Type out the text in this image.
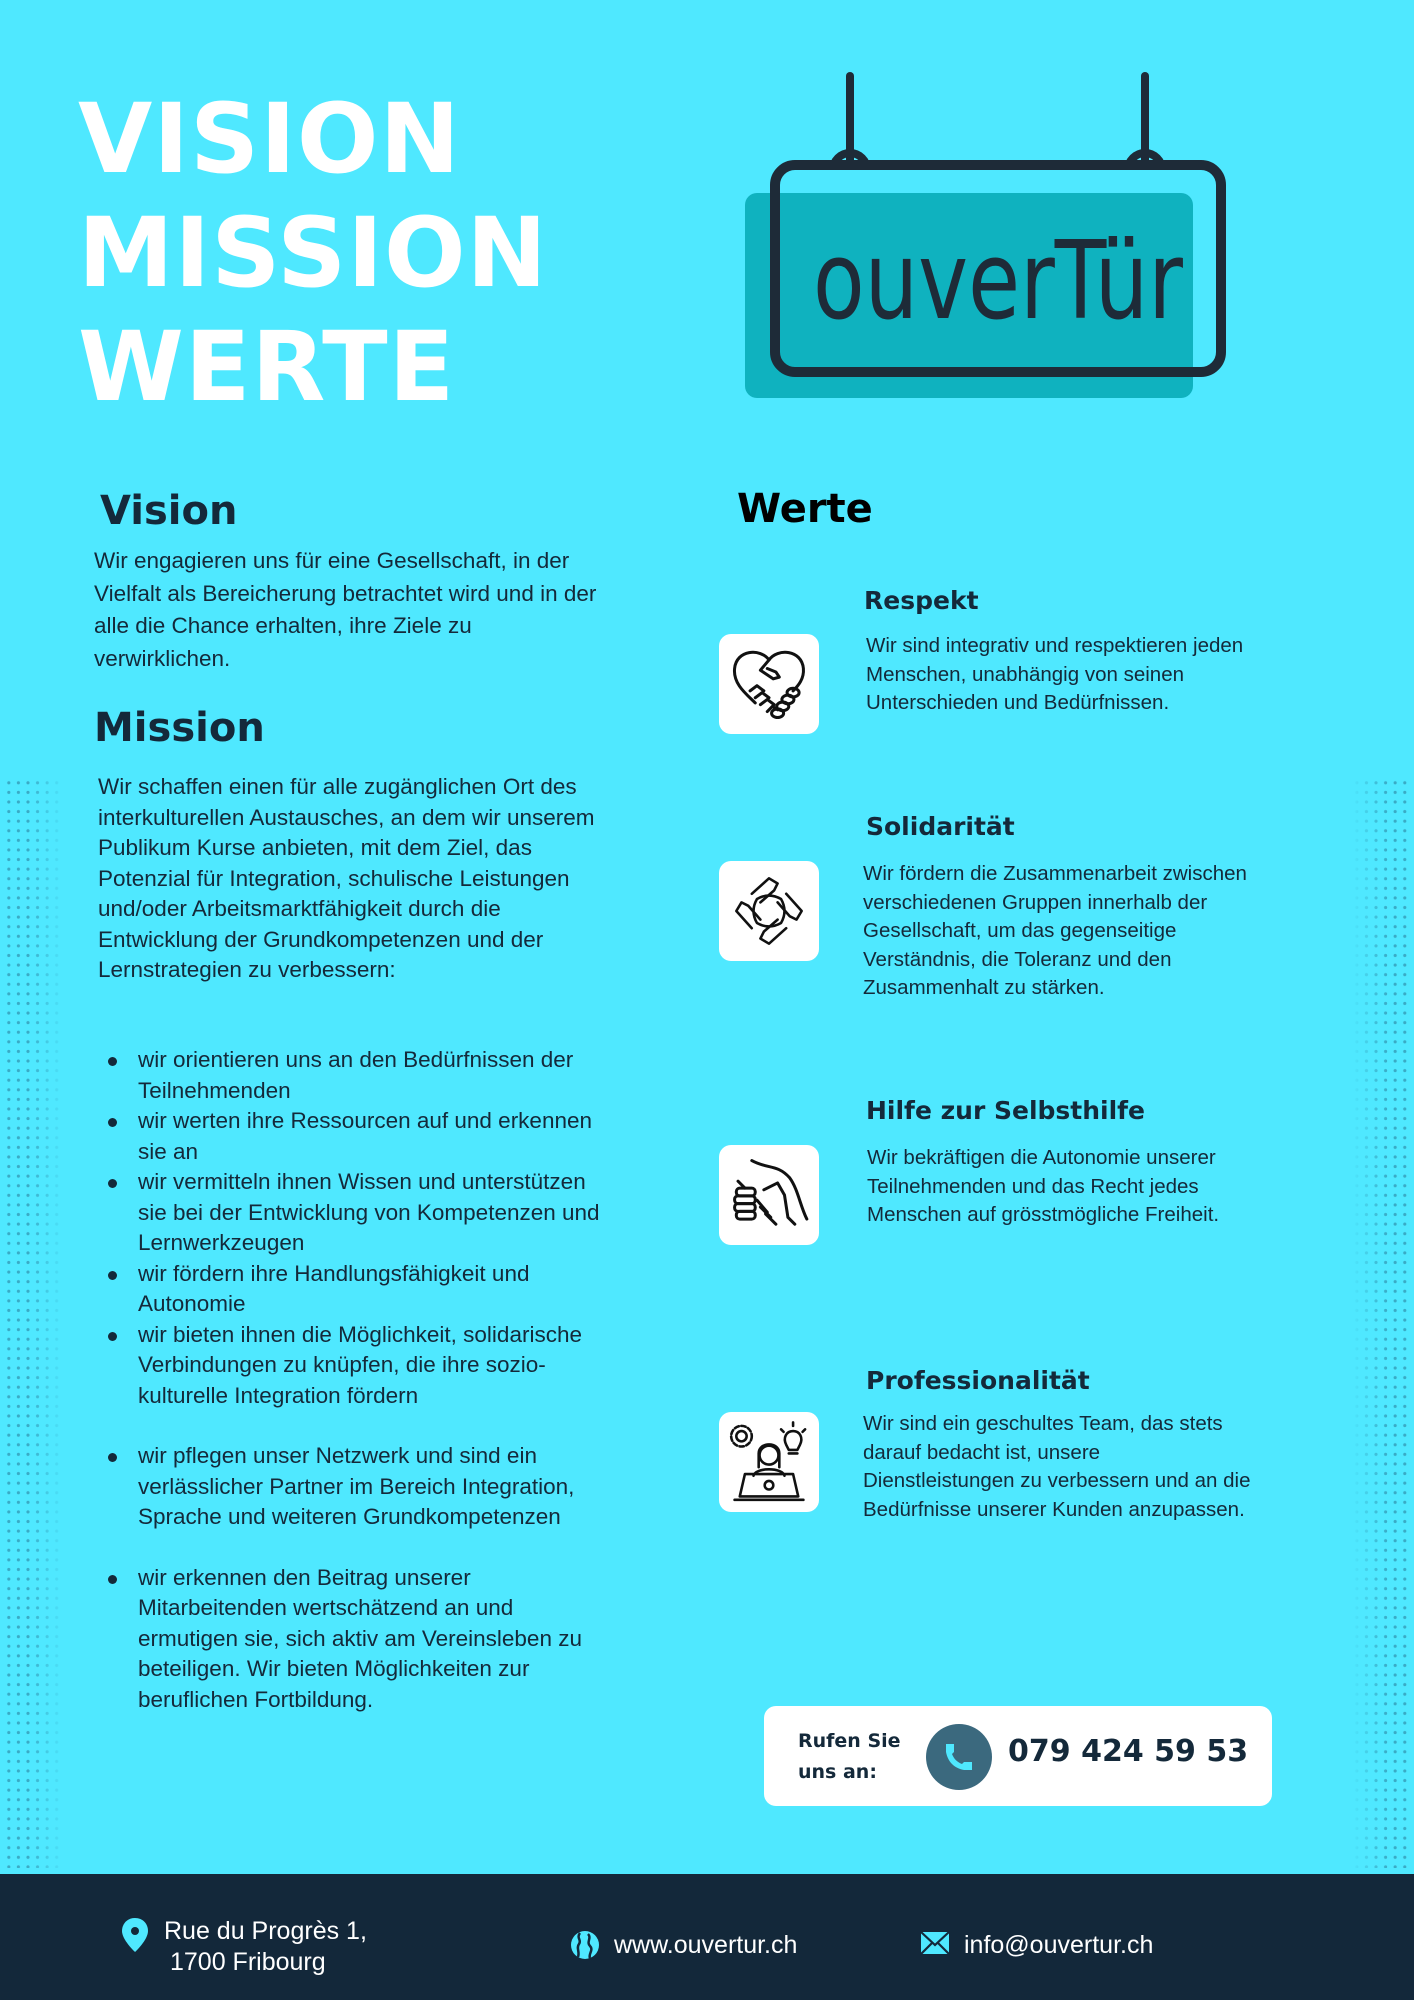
VISION
MISSION
WERTE
ouverTür
Vision

Wir engagieren uns für eine Gesellschaft, in der Vielfalt als Bereicherung betrachtet wird und in der alle die Chance erhalten, ihre Ziele zu verwirklichen.

Mission

Wir schaffen einen für alle zugänglichen Ort des interkulturellen Austausches, an dem wir unserem Publikum Kurse anbieten, mit dem Ziel, das Potenzial für Integration, schulische Leistungen und/oder Arbeitsmarktfähigkeit durch die Entwicklung der Grundkompetenzen und der Lernstrategien zu verbessern:

wir orientieren uns an den Bedürfnissen der Teilnehmenden
wir werten ihre Ressourcen auf und erkennen sie an
wir vermitteln ihnen Wissen und unterstützen sie bei der Entwicklung von Kompetenzen und Lernwerkzeugen
wir fördern ihre Handlungsfähigkeit und Autonomie
wir bieten ihnen die Möglichkeit, solidarische Verbindungen zu knüpfen, die ihre sozio-kulturelle Integration fördern
wir pflegen unser Netzwerk und sind ein verlässlicher Partner im Bereich Integration, Sprache und weiteren Grundkompetenzen
wir erkennen den Beitrag unserer Mitarbeitenden wertschätzend an und ermutigen sie, sich aktiv am Vereinsleben zu beteiligen. Wir bieten Möglichkeiten zur beruflichen Fortbildung.
Werte
Respekt
Wir sind integrativ und respektieren jeden Menschen, unabhängig von seinen Unterschieden und Bedürfnissen.
Solidarität
Wir fördern die Zusammenarbeit zwischen verschiedenen Gruppen innerhalb der Gesellschaft, um das gegenseitige Verständnis, die Toleranz und den Zusammenhalt zu stärken.
Hilfe zur Selbsthilfe
Wir bekräftigen die Autonomie unserer Teilnehmenden und das Recht jedes Menschen auf grösstmögliche Freiheit.
Professionalität
Wir sind ein geschultes Team, das stets darauf bedacht ist, unsere Dienstleistungen zu verbessern und an die Bedürfnisse unserer Kunden anzupassen.
Rufen Sie uns an:
079 424 59 53
Rue du Progrès 1,
1700 Fribourg
www.ouvertur.ch	info@ouvertur.ch
